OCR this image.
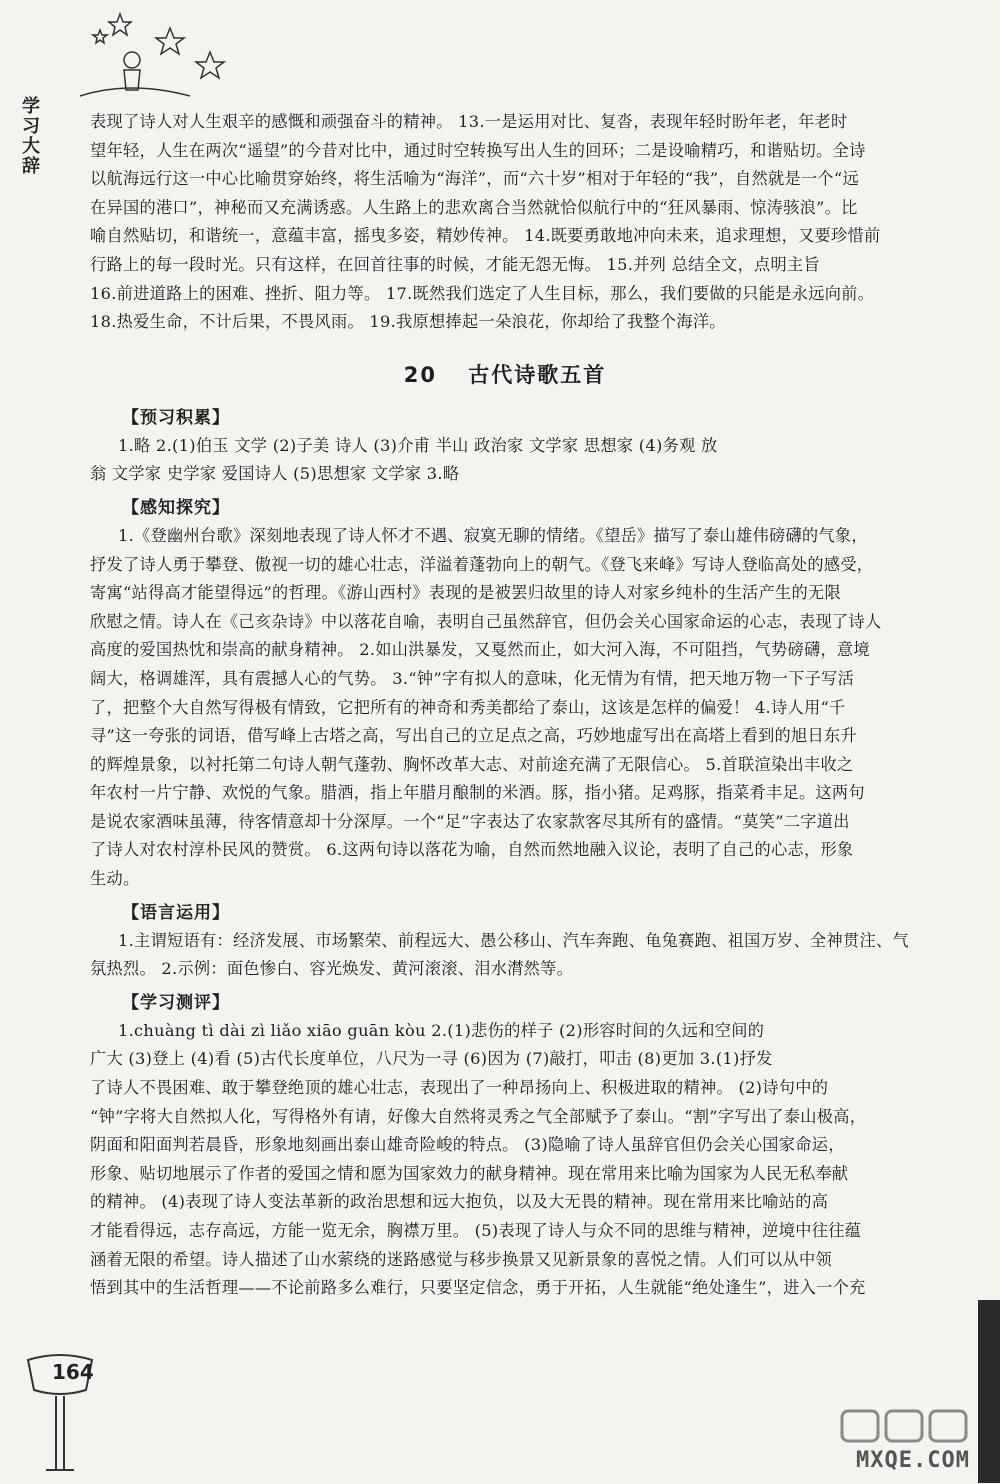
学习大辞	表现了诗人对人生艰辛的感慨和顽强奋斗的精神。 13.一是运用对比、复沓，表现年轻时盼年老，年老时
望年轻，人生在两次“遥望”的今昔对比中，通过时空转换写出人生的回环；二是设喻精巧，和谐贴切。全诗
以航海远行这一中心比喻贯穿始终，将生活喻为“海洋”，而“六十岁”相对于年轻的“我”，自然就是一个“远
在异国的港口”，神秘而又充满诱惑。人生路上的悲欢离合当然就恰似航行中的“狂风暴雨、惊涛骇浪”。比
喻自然贴切，和谐统一，意蕴丰富，摇曳多姿，精妙传神。 14.既要勇敢地冲向未来，追求理想，又要珍惜前
行路上的每一段时光。只有这样，在回首往事的时候，才能无怨无悔。 15.并列 总结全文，点明主旨
16.前进道路上的困难、挫折、阻力等。 17.既然我们选定了人生目标，那么，我们要做的只能是永远向前。
18.热爱生命，不计后果，不畏风雨。 19.我原想捧起一朵浪花，你却给了我整个海洋。

20 古代诗歌五首
【预习积累】

1.略 2.(1)伯玉 文学 (2)子美 诗人 (3)介甫 半山 政治家 文学家 思想家 (4)务观 放
翁 文学家 史学家 爱国诗人 (5)思想家 文学家 3.略

【感知探究】

1.《登幽州台歌》深刻地表现了诗人怀才不遇、寂寞无聊的情绪。《望岳》描写了泰山雄伟磅礴的气象，
抒发了诗人勇于攀登、傲视一切的雄心壮志，洋溢着蓬勃向上的朝气。《登飞来峰》写诗人登临高处的感受，
寄寓“站得高才能望得远”的哲理。《游山西村》表现的是被罢归故里的诗人对家乡纯朴的生活产生的无限
欣慰之情。诗人在《己亥杂诗》中以落花自喻，表明自己虽然辞官，但仍会关心国家命运的心志，表现了诗人
高度的爱国热忱和崇高的献身精神。 2.如山洪暴发，又戛然而止，如大河入海，不可阻挡，气势磅礴，意境
阔大，格调雄浑，具有震撼人心的气势。 3.“钟”字有拟人的意味，化无情为有情，把天地万物一下子写活
了，把整个大自然写得极有情致，它把所有的神奇和秀美都给了泰山，这该是怎样的偏爱！ 4.诗人用“千
寻”这一夸张的词语，借写峰上古塔之高，写出自己的立足点之高，巧妙地虚写出在高塔上看到的旭日东升
的辉煌景象，以衬托第二句诗人朝气蓬勃、胸怀改革大志、对前途充满了无限信心。 5.首联渲染出丰收之
年农村一片宁静、欢悦的气象。腊酒，指上年腊月酿制的米酒。豚，指小猪。足鸡豚，指菜肴丰足。这两句
是说农家酒味虽薄，待客情意却十分深厚。一个“足”字表达了农家款客尽其所有的盛情。“莫笑”二字道出
了诗人对农村淳朴民风的赞赏。 6.这两句诗以落花为喻，自然而然地融入议论，表明了自己的心志，形象
生动。

【语言运用】

1.主谓短语有：经济发展、市场繁荣、前程远大、愚公移山、汽车奔跑、龟兔赛跑、祖国万岁、全神贯注、气
氛热烈。 2.示例：面色惨白、容光焕发、黄河滚滚、泪水潸然等。

【学习测评】

1.chuàng tì dài zì liǎo xiāo guān kòu 2.(1)悲伤的样子 (2)形容时间的久远和空间的
广大 (3)登上 (4)看 (5)古代长度单位，八尺为一寻 (6)因为 (7)敲打，叩击 (8)更加 3.(1)抒发
了诗人不畏困难、敢于攀登绝顶的雄心壮志，表现出了一种昂扬向上、积极进取的精神。 (2)诗句中的
“钟”字将大自然拟人化，写得格外有请，好像大自然将灵秀之气全部赋予了泰山。“割”字写出了泰山极高，
阴面和阳面判若晨昏，形象地刻画出泰山雄奇险峻的特点。 (3)隐喻了诗人虽辞官但仍会关心国家命运，
形象、贴切地展示了作者的爱国之情和愿为国家效力的献身精神。现在常用来比喻为国家为人民无私奉献
的精神。 (4)表现了诗人变法革新的政治思想和远大抱负，以及大无畏的精神。现在常用来比喻站的高
才能看得远，志存高远，方能一览无余，胸襟万里。 (5)表现了诗人与众不同的思维与精神，逆境中往往蕴
涵着无限的希望。诗人描述了山水萦绕的迷路感觉与移步换景又见新景象的喜悦之情。人们可以从中领
悟到其中的生活哲理——不论前路多么难行，只要坚定信念，勇于开拓，人生就能“绝处逢生”，进入一个充

164
MXQE.COM
